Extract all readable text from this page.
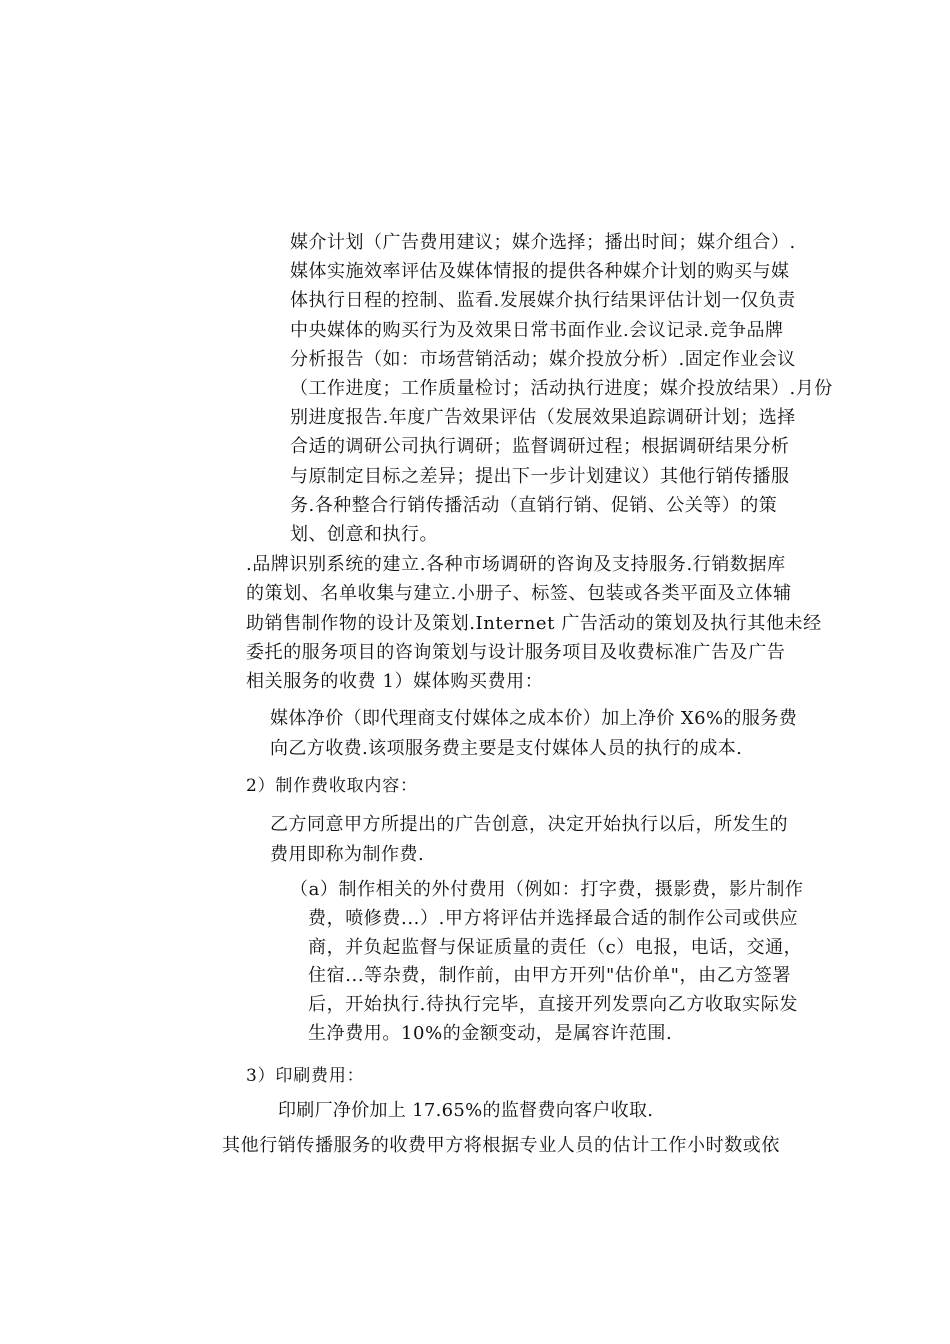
媒介计划（广告费用建议；媒介选择；播出时间；媒介组合）.
媒体实施效率评估及媒体情报的提供各种媒介计划的购买与媒
体执行日程的控制、监看.发展媒介执行结果评估计划一仅负责
中央媒体的购买行为及效果日常书面作业.会议记录.竞争品牌
分析报告（如：市场营销活动；媒介投放分析）.固定作业会议
（工作进度；工作质量检讨；活动执行进度；媒介投放结果）.月份
别进度报告.年度广告效果评估（发展效果追踪调研计划；选择
合适的调研公司执行调研；监督调研过程；根据调研结果分析
与原制定目标之差异；提出下一步计划建议）其他行销传播服
务.各种整合行销传播活动（直销行销、促销、公关等）的策
划、创意和执行。
.品牌识别系统的建立.各种市场调研的咨询及支持服务.行销数据库
的策划、名单收集与建立.小册子、标签、包装或各类平面及立体辅
助销售制作物的设计及策划.Internet 广告活动的策划及执行其他未经
委托的服务项目的咨询策划与设计服务项目及收费标准广告及广告
相关服务的收费 1）媒体购买费用：
媒体净价（即代理商支付媒体之成本价）加上净价 X6%的服务费
向乙方收费.该项服务费主要是支付媒体人员的执行的成本.
2）制作费收取内容：
乙方同意甲方所提出的广告创意，决定开始执行以后，所发生的
费用即称为制作费.
（a）制作相关的外付费用（例如：打字费，摄影费，影片制作
费，喷修费...）.甲方将评估并选择最合适的制作公司或供应
商，并负起监督与保证质量的责任（c）电报，电话，交通，
住宿...等杂费，制作前，由甲方开列"估价单"，由乙方签署
后，开始执行.待执行完毕，直接开列发票向乙方收取实际发
生净费用。10%的金额变动，是属容许范围.
3）印刷费用：
印刷厂净价加上 17.65%的监督费向客户收取.
其他行销传播服务的收费甲方将根据专业人员的估计工作小时数或依
